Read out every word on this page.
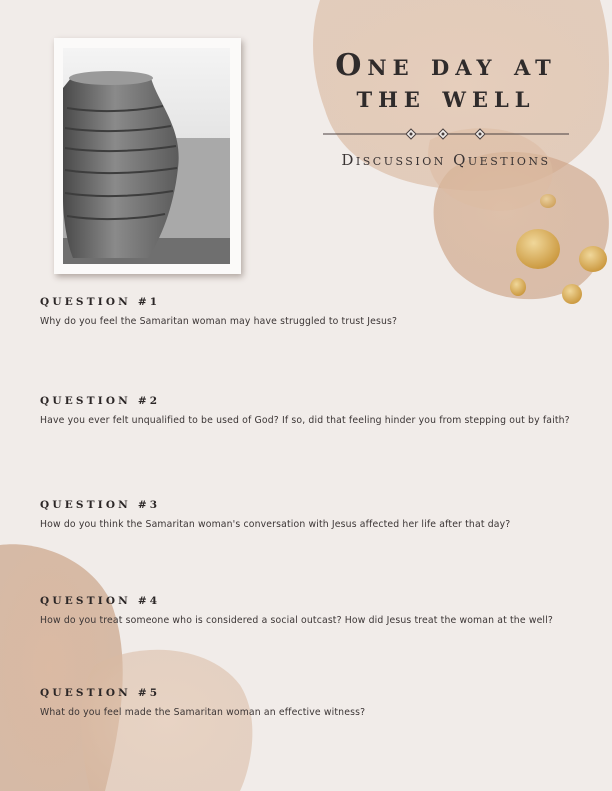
One day at
the well
Discussion Questions
QUESTION #1

Why do you feel the Samaritan woman may have struggled to trust Jesus?

QUESTION #2

Have you ever felt unqualified to be used of God? If so, did that feeling hinder you from stepping out by faith?

QUESTION #3

How do you think the Samaritan woman's conversation with Jesus affected her life after that day?

QUESTION #4

How do you treat someone who is considered a social outcast? How did Jesus treat the woman at the well?

QUESTION #5

What do you feel made the Samaritan woman an effective witness?
